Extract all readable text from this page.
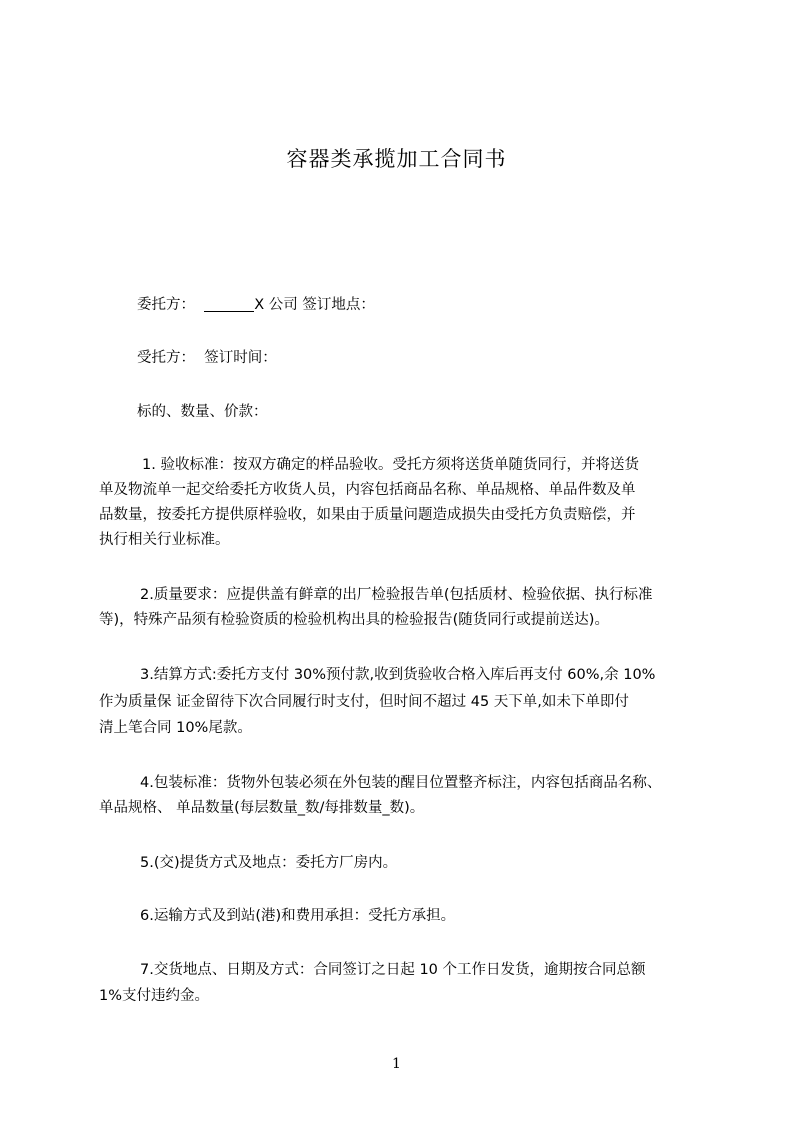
容器类承揽加工合同书
委托方：	X 公司 签订地点：
受托方： 签订时间：
标的、数量、价款：
1. 验收标准：按双方确定的样品验收。受托方须将送货单随货同行，并将送货
单及物流单一起交给委托方收货人员，内容包括商品名称、单品规格、单品件数及单
品数量，按委托方提供原样验收，如果由于质量问题造成损失由受托方负责赔偿，并
执行相关行业标准。
2.质量要求：应提供盖有鲜章的出厂检验报告单(包括质材、检验依据、执行标准
等)，特殊产品须有检验资质的检验机构出具的检验报告(随货同行或提前送达)。
3.结算方式:委托方支付 30%预付款,收到货验收合格入库后再支付 60%,余 10%
作为质量保 证金留待下次合同履行时支付，但时间不超过 45 天下单,如未下单即付
清上笔合同 10%尾款。
4.包装标准：货物外包装必须在外包装的醒目位置整齐标注，内容包括商品名称、
单品规格、 单品数量(每层数量_数/每排数量_数)。
5.(交)提货方式及地点：委托方厂房内。
6.运输方式及到站(港)和费用承担：受托方承担。
7.交货地点、日期及方式：合同签订之日起 10 个工作日发货，逾期按合同总额
1%支付违约金。
1
